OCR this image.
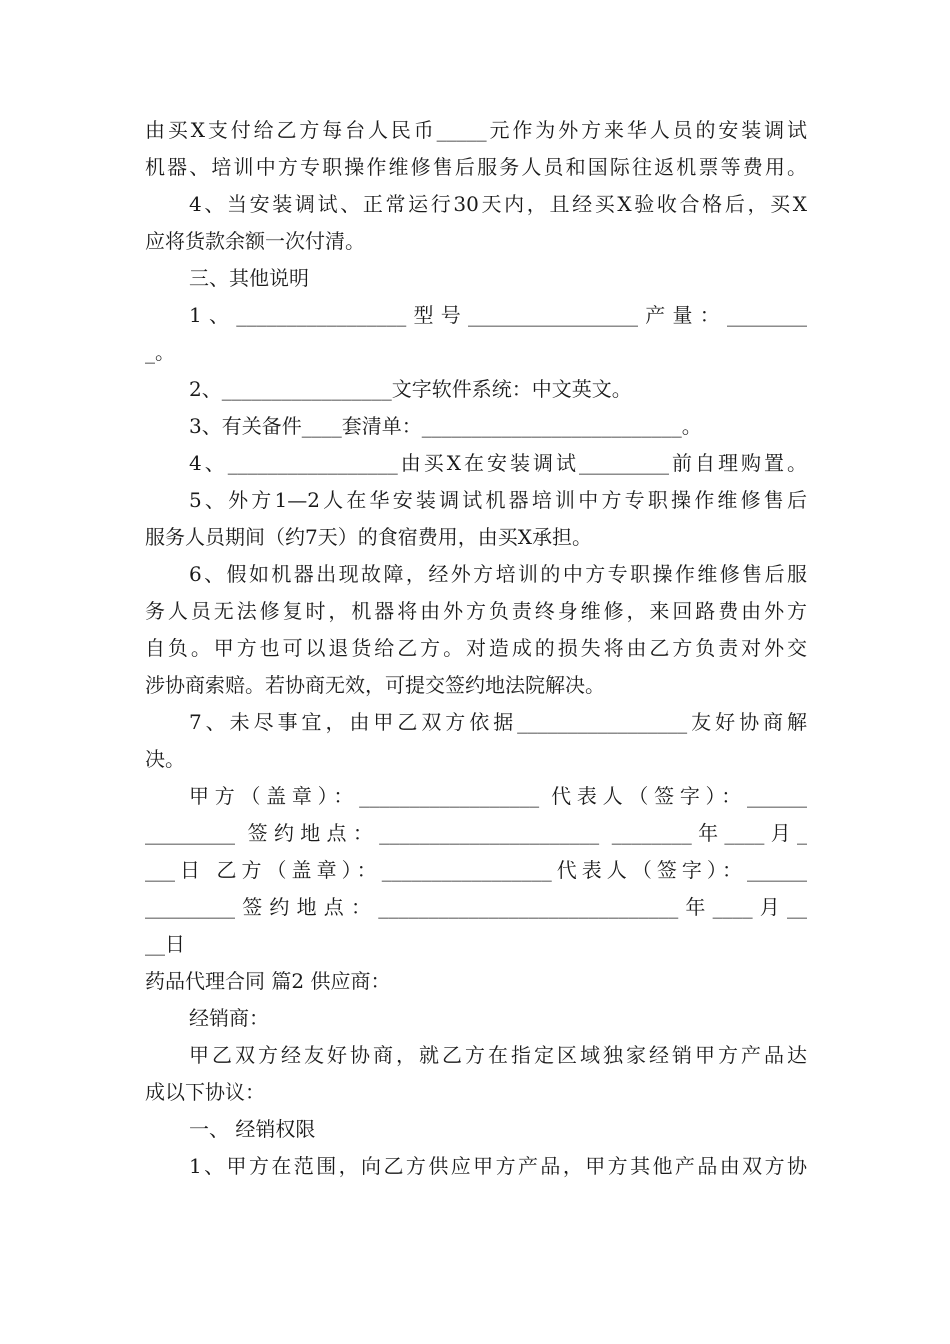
由买X支付给乙方每台人民币_____元作为外方来华人员的安装调试
机器、培训中方专职操作维修售后服务人员和国际往返机票等费用。
4、当安装调试、正常运行30天内，且经买X验收合格后，买X
应将货款余额一次付清。
三、其他说明
1、_________________型号_________________产量：________
_。
2、_________________文字软件系统：中文英文。
3、有关备件____套清单：__________________________。
4、_________________由买X在安装调试_________前自理购置。
5、外方1—2人在华安装调试机器培训中方专职操作维修售后
服务人员期间（约7天）的食宿费用，由买X承担。
6、假如机器出现故障，经外方培训的中方专职操作维修售后服
务人员无法修复时，机器将由外方负责终身维修，来回路费由外方
自负。甲方也可以退货给乙方。对造成的损失将由乙方负责对外交
涉协商索赔。若协商无效，可提交签约地法院解决。
7、未尽事宜，由甲乙双方依据_________________友好协商解
决。
甲方（盖章）：__________________ 代表人（签字）：______
_________ 签约地点：______________________ ________年____月_
___日 乙方（盖章）：_________________代表人（签字）：______
_________签约地点：______________________________年____月__
__日
药品代理合同 篇2 供应商：
经销商：
甲乙双方经友好协商，就乙方在指定区域独家经销甲方产品达
成以下协议：
一、 经销权限
1、甲方在范围，向乙方供应甲方产品，甲方其他产品由双方协
